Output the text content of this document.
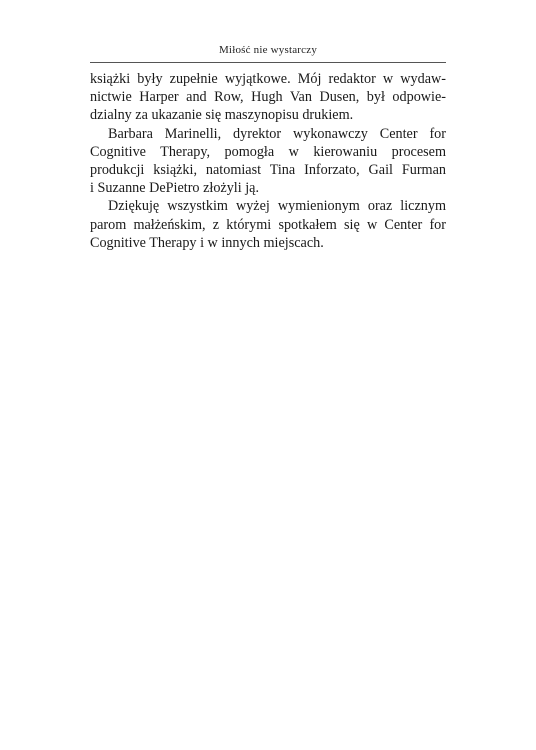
Miłość nie wystarczy

książki były zupełnie wyjątkowe. Mój redaktor w wydaw-
nictwie Harper and Row, Hugh Van Dusen, był odpowie-
dzialny za ukazanie się maszynopisu drukiem.

Barbara Marinelli, dyrektor wykonawczy Center for
Cognitive Therapy, pomogła w kierowaniu procesem
produkcji książki, natomiast Tina Inforzato, Gail Furman
i Suzanne DePietro złożyli ją.

Dziękuję wszystkim wyżej wymienionym oraz licznym
parom małżeńskim, z którymi spotkałem się w Center for
Cognitive Therapy i w innych miejscach.
